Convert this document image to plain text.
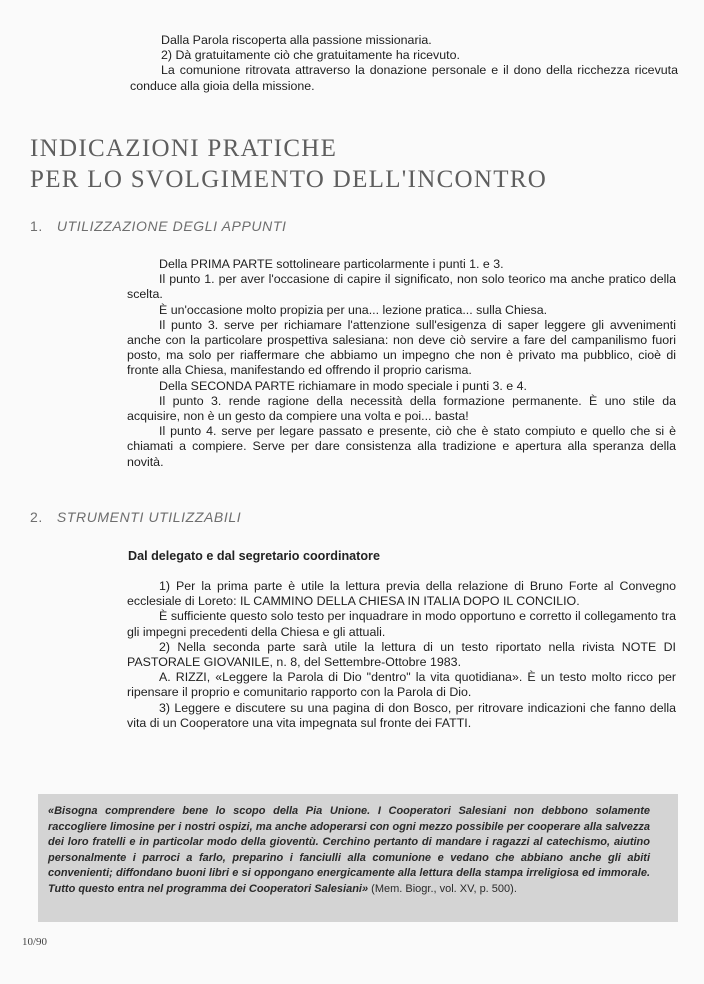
Dalla Parola riscoperta alla passione missionaria.

2) Dà gratuitamente ciò che gratuitamente ha ricevuto.

La comunione ritrovata attraverso la donazione personale e il dono della ricchezza ricevuta conduce alla gioia della missione.

INDICAZIONI PRATICHE
PER LO SVOLGIMENTO DELL'INCONTRO
1. UTILIZZAZIONE DEGLI APPUNTI

Della PRIMA PARTE sottolineare particolarmente i punti 1. e 3.

Il punto 1. per aver l'occasione di capire il significato, non solo teorico ma anche pratico della scelta.

È un'occasione molto propizia per una... lezione pratica... sulla Chiesa.

Il punto 3. serve per richiamare l'attenzione sull'esigenza di saper leggere gli avvenimenti anche con la particolare prospettiva salesiana: non deve ciò servire a fare del campanilismo fuori posto, ma solo per riaffermare che abbiamo un impegno che non è privato ma pubblico, cioè di fronte alla Chiesa, manifestando ed offrendo il proprio carisma.

Della SECONDA PARTE richiamare in modo speciale i punti 3. e 4.

Il punto 3. rende ragione della necessità della formazione permanente. È uno stile da acquisire, non è un gesto da compiere una volta e poi... basta!

Il punto 4. serve per legare passato e presente, ciò che è stato compiuto e quello che si è chiamati a compiere. Serve per dare consistenza alla tradizione e apertura alla speranza della novità.

2. STRUMENTI UTILIZZABILI
Dal delegato e dal segretario coordinatore

1) Per la prima parte è utile la lettura previa della relazione di Bruno Forte al Convegno ecclesiale di Loreto: IL CAMMINO DELLA CHIESA IN ITALIA DOPO IL CONCILIO.

È sufficiente questo solo testo per inquadrare in modo opportuno e corretto il collegamento tra gli impegni precedenti della Chiesa e gli attuali.

2) Nella seconda parte sarà utile la lettura di un testo riportato nella rivista NOTE DI PASTORALE GIOVANILE, n. 8, del Settembre-Ottobre 1983.

A. RIZZI, «Leggere la Parola di Dio "dentro" la vita quotidiana». È un testo molto ricco per ripensare il proprio e comunitario rapporto con la Parola di Dio.

3) Leggere e discutere su una pagina di don Bosco, per ritrovare indicazioni che fanno della vita di un Cooperatore una vita impegnata sul fronte dei FATTI.

«Bisogna comprendere bene lo scopo della Pia Unione. I Cooperatori Salesiani non debbono solamente raccogliere limosine per i nostri ospizi, ma anche adoperarsi con ogni mezzo possibile per cooperare alla salvezza dei loro fratelli e in particolar modo della gioventù. Cerchino pertanto di mandare i ragazzi al catechismo, aiutino personalmente i parroci a farlo, preparino i fanciulli alla comunione e vedano che abbiano anche gli abiti convenienti; diffondano buoni libri e si oppongano energicamente alla lettura della stampa irreligiosa ed immorale. Tutto questo entra nel programma dei Cooperatori Salesiani» (Mem. Biogr., vol. XV, p. 500).

10/90
